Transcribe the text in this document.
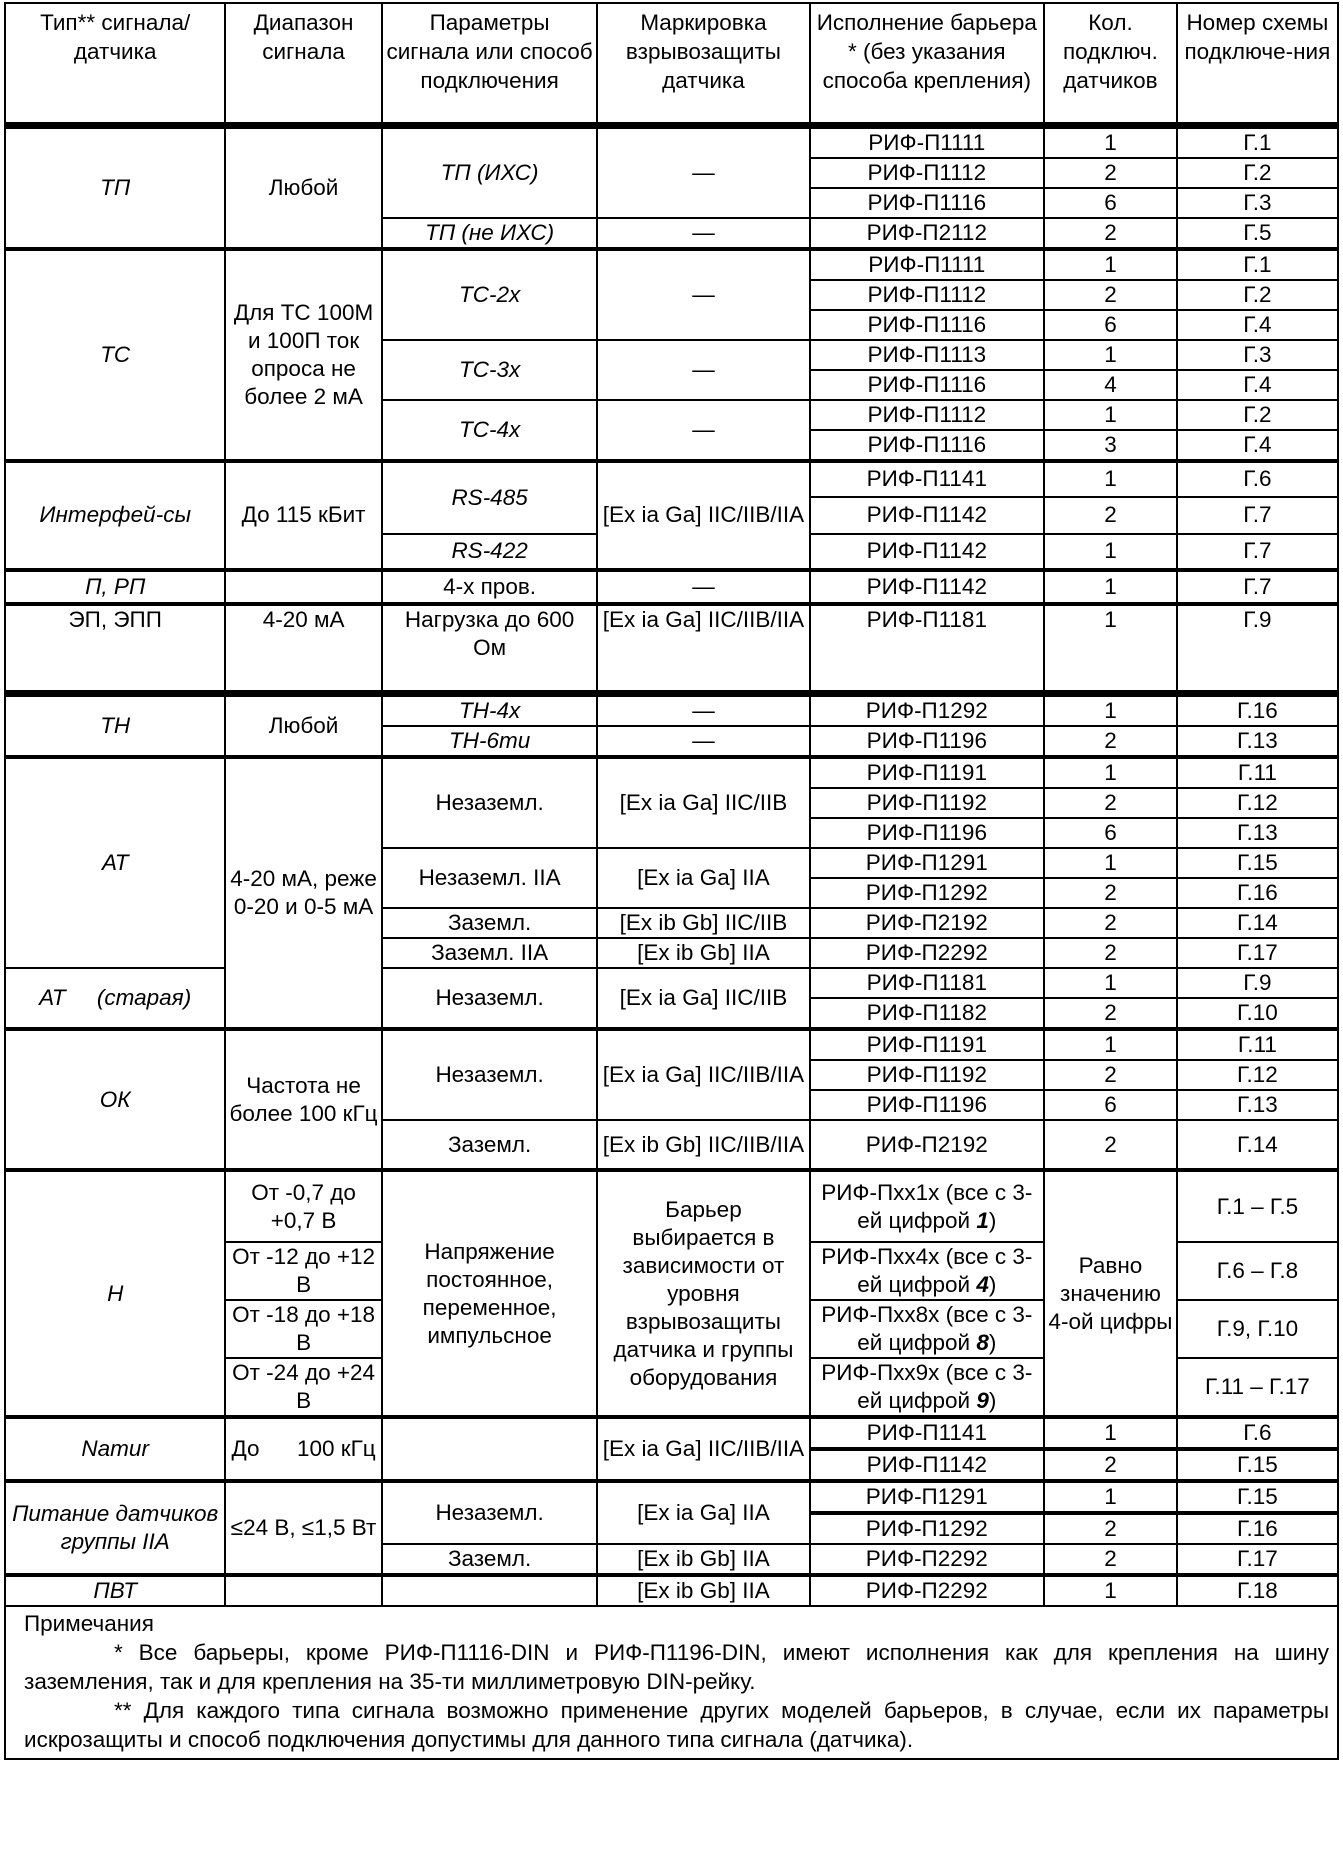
Тип** сигнала/ датчика	Диапазон сигнала	Параметры сигнала или способ подключения	Маркировка взрывозащиты датчика	Исполнение барьера * (без указания способа крепления)	Кол. подключ. датчиков	Номер схемы подключе-ния
ТП	Любой	ТП (ИХС)	—	РИФ-П1111	1	Г.1
				РИФ-П1112	2	Г.2
				РИФ-П1116	6	Г.3
		ТП (не ИХС)	—	РИФ-П2112	2	Г.5
ТС	Для ТС 100М и 100П ток опроса не более 2 мА	ТС-2х	—	РИФ-П1111	1	Г.1
				РИФ-П1112	2	Г.2
				РИФ-П1116	6	Г.4
		ТС-3х	—	РИФ-П1113	1	Г.3
				РИФ-П1116	4	Г.4
		ТС-4х	—	РИФ-П1112	1	Г.2
				РИФ-П1116	3	Г.4
Интерфей-сы	До 115 кБит	RS-485	[Ex ia Ga] IIC/IIB/IIA	РИФ-П1141	1	Г.6
				РИФ-П1142	2	Г.7
		RS-422		РИФ-П1142	1	Г.7
П, РП		4-х пров.	—	РИФ-П1142	1	Г.7
ЭП, ЭПП	4-20 мА	Нагрузка до 600 Ом	[Ex ia Ga] IIC/IIB/IIA	РИФ-П1181	1	Г.9
ТН	Любой	ТН-4х	—	РИФ-П1292	1	Г.16
		ТН-6ти	—	РИФ-П1196	2	Г.13
АТ	4-20 мА, реже 0-20 и 0-5 мА	Незаземл.	[Ex ia Ga] IIC/IIB	РИФ-П1191	1	Г.11
				РИФ-П1192	2	Г.12
				РИФ-П1196	6	Г.13
		Незаземл. IIA	[Ex ia Ga] IIA	РИФ-П1291	1	Г.15
				РИФ-П1292	2	Г.16
		Заземл.	[Ex ib Gb] IIC/IIB	РИФ-П2192	2	Г.14
		Заземл. IIA	[Ex ib Gb] IIA	РИФ-П2292	2	Г.17
АТ     (старая)		Незаземл.	[Ex ia Ga] IIC/IIB	РИФ-П1181	1	Г.9
				РИФ-П1182	2	Г.10
ОК	Частота не более 100 кГц	Незаземл.	[Ex ia Ga] IIC/IIB/IIA	РИФ-П1191	1	Г.11
				РИФ-П1192	2	Г.12
				РИФ-П1196	6	Г.13
		Заземл.	[Ex ib Gb] IIC/IIB/IIA	РИФ-П2192	2	Г.14
Н	От -0,7 до +0,7 В	Напряжение постоянное, переменное, импульсное	Барьер выбирается в зависимости от уровня взрывозащиты датчика и группы оборудования	РИФ-Пxx1x (все с 3-ей цифрой 1)	Равно значению 4-ой цифры	Г.1 – Г.5
	От -12 до +12 В			РИФ-Пxx4x (все с 3-ей цифрой 4)		Г.6 – Г.8
	От -18 до +18 В			РИФ-Пxx8x (все с 3-ей цифрой 8)		Г.9, Г.10
	От -24 до +24 В			РИФ-Пxx9x (все с 3-ей цифрой 9)		Г.11 – Г.17
Namur	До      100 кГц		[Ex ia Ga] IIC/IIB/IIA	РИФ-П1141	1	Г.6
				РИФ-П1142	2	Г.15
Питание датчиков группы IIA	≤24 В, ≤1,5 Вт	Незаземл.	[Ex ia Ga] IIA	РИФ-П1291	1	Г.15
				РИФ-П1292	2	Г.16
		Заземл.	[Ex ib Gb] IIA	РИФ-П2292	2	Г.17
ПВТ			[Ex ib Gb] IIA	РИФ-П2292	1	Г.18

Примечания

* Все барьеры, кроме РИФ-П1116-DIN и РИФ-П1196-DIN, имеют исполнения как для крепления на шину заземления, так и для крепления на 35-ти миллиметровую DIN-рейку.

** Для каждого типа сигнала возможно применение других моделей барьеров, в случае, если их параметры искрозащиты и способ подключения допустимы для данного типа сигнала (датчика).
